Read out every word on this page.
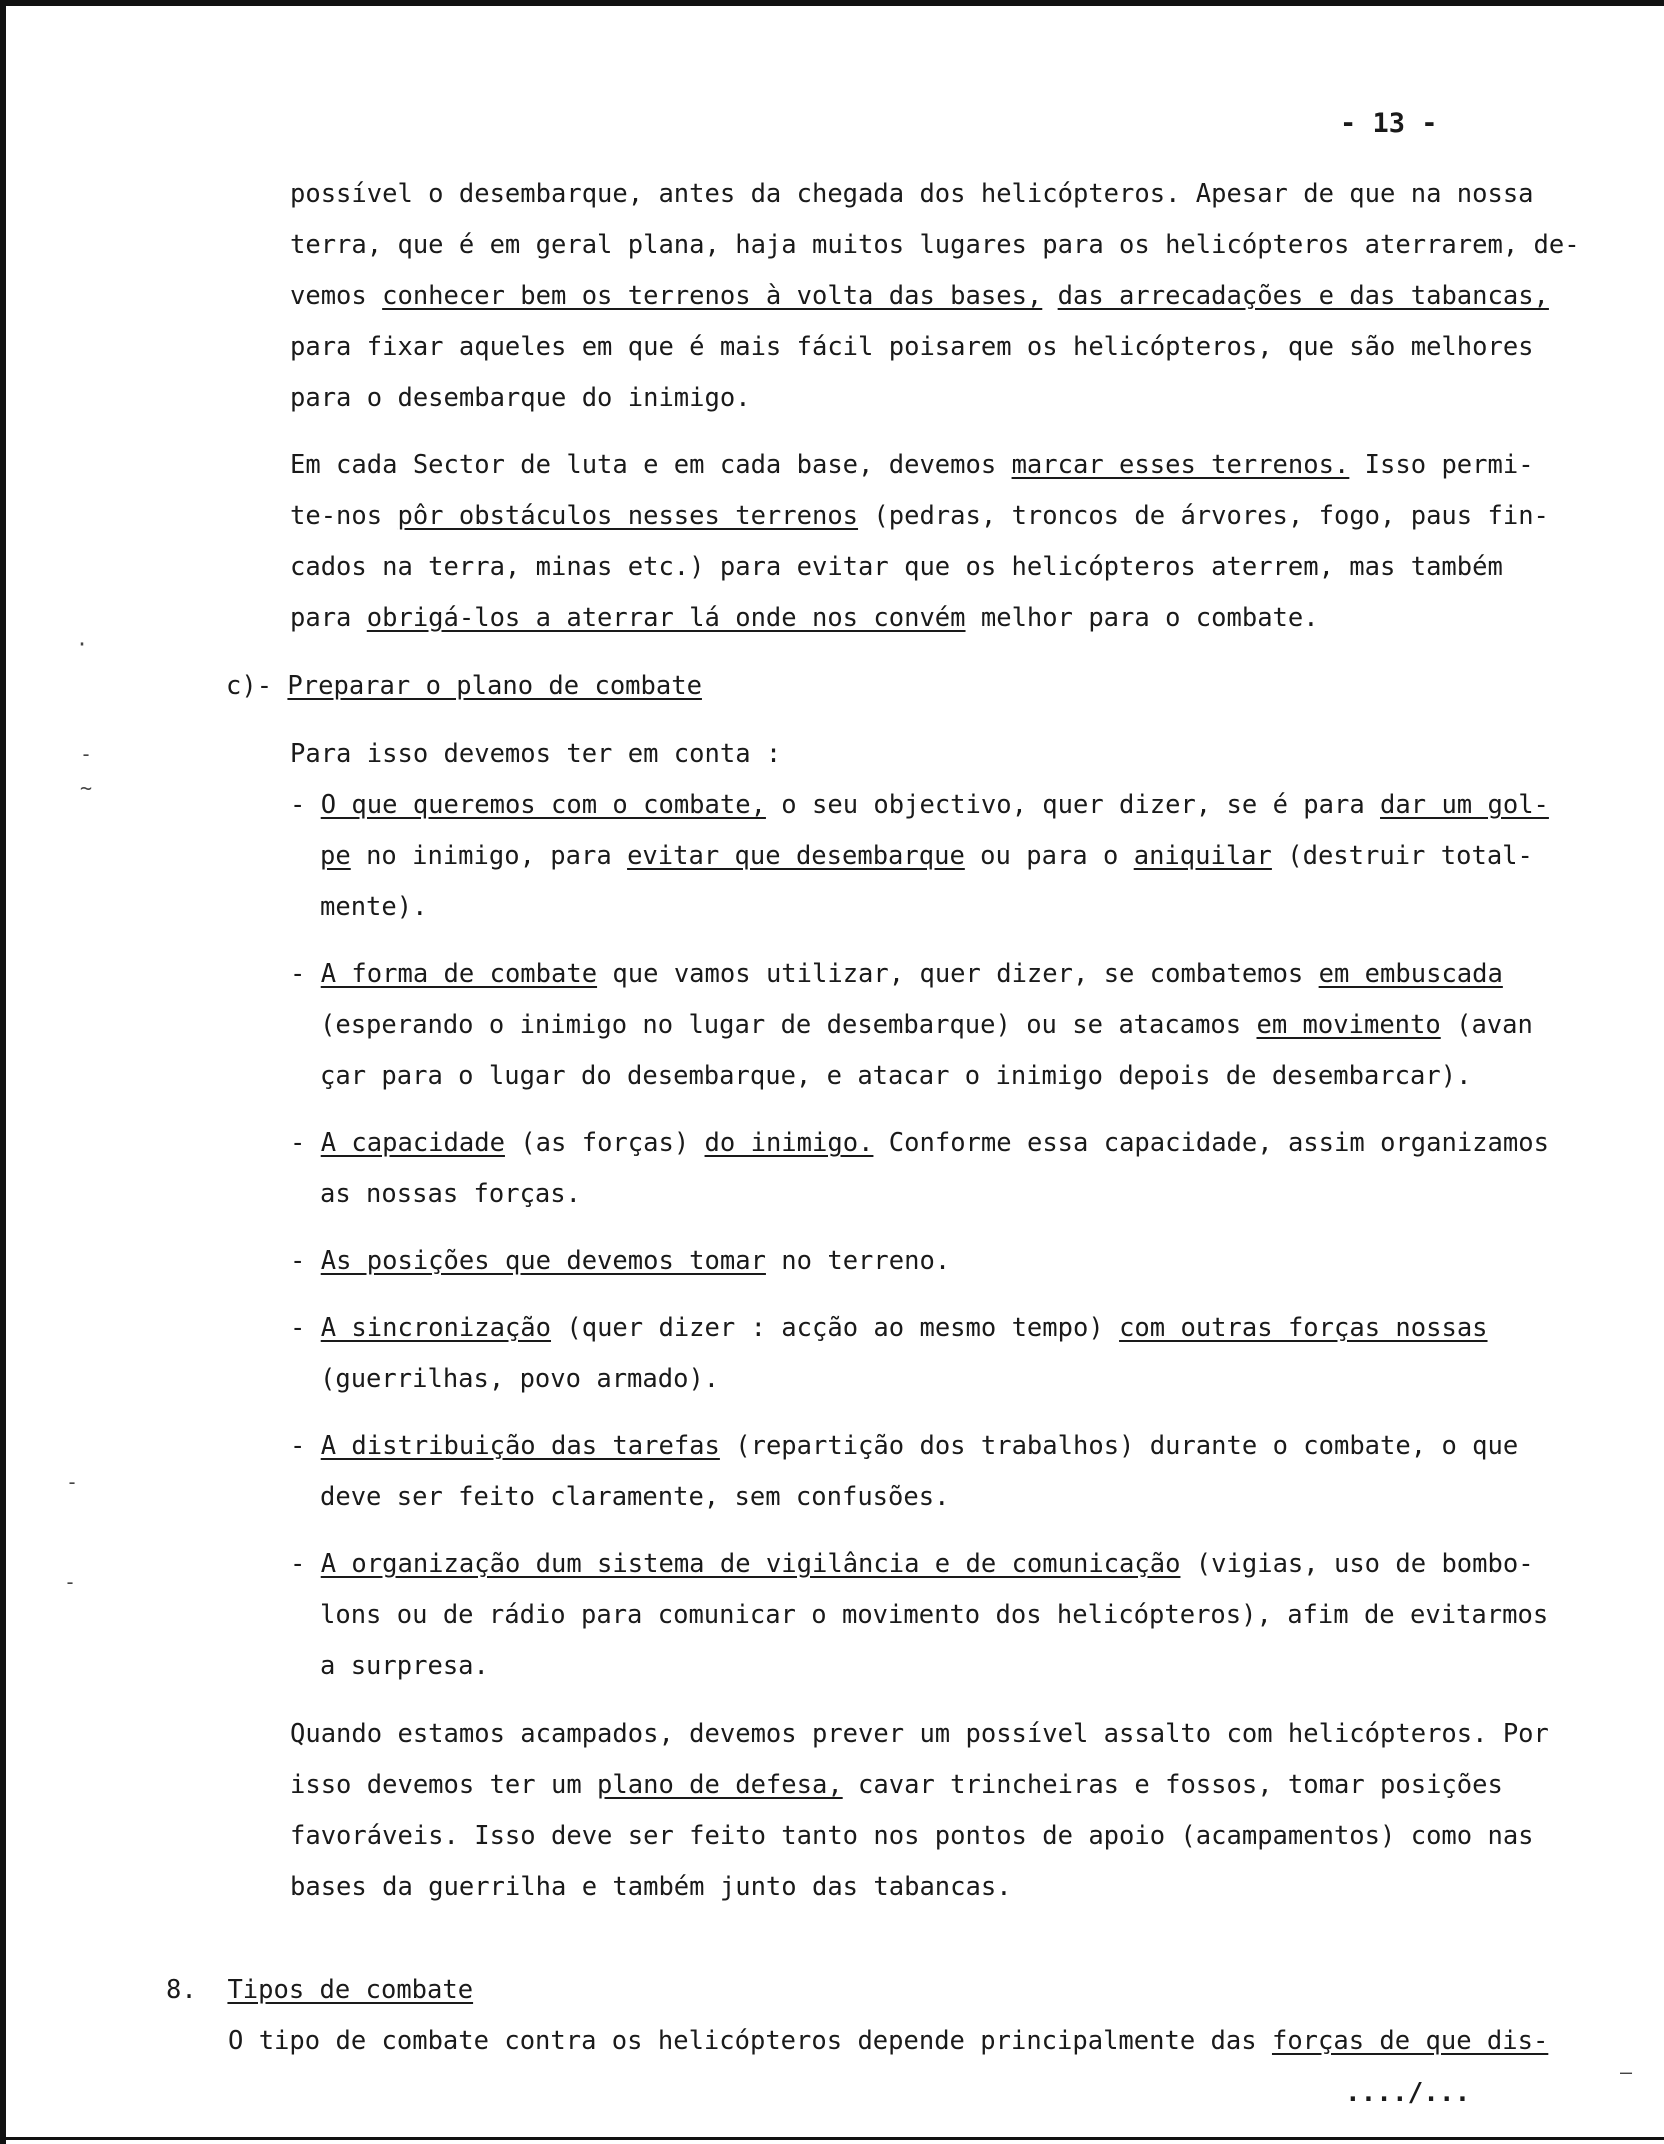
- 13 -
possível o desembarque, antes da chegada dos helicópteros. Apesar de que na nossa
terra, que é em geral plana, haja muitos lugares para os helicópteros aterrarem, de-
vemos conhecer bem os terrenos à volta das bases, das arrecadações e das tabancas,
para fixar aqueles em que é mais fácil poisarem os helicópteros, que são melhores
para o desembarque do inimigo.
Em cada Sector de luta e em cada base, devemos marcar esses terrenos. Isso permi-
te-nos pôr obstáculos nesses terrenos (pedras, troncos de árvores, fogo, paus fin-
cados na terra, minas etc.) para evitar que os helicópteros aterrem, mas também
para obrigá-los a aterrar lá onde nos convém melhor para o combate.
c)- Preparar o plano de combate
Para isso devemos ter em conta :
- O que queremos com o combate, o seu objectivo, quer dizer, se é para dar um gol-
pe no inimigo, para evitar que desembarque ou para o aniquilar (destruir total-
mente).
- A forma de combate que vamos utilizar, quer dizer, se combatemos em embuscada
(esperando o inimigo no lugar de desembarque) ou se atacamos em movimento (avan
çar para o lugar do desembarque, e atacar o inimigo depois de desembarcar).
- A capacidade (as forças) do inimigo. Conforme essa capacidade, assim organizamos
as nossas forças.
- As posições que devemos tomar no terreno.
- A sincronização (quer dizer : acção ao mesmo tempo) com outras forças nossas
(guerrilhas, povo armado).
- A distribuição das tarefas (repartição dos trabalhos) durante o combate, o que
deve ser feito claramente, sem confusões.
- A organização dum sistema de vigilância e de comunicação (vigias, uso de bombo-
lons ou de rádio para comunicar o movimento dos helicópteros), afim de evitarmos
a surpresa.
Quando estamos acampados, devemos prever um possível assalto com helicópteros. Por
isso devemos ter um plano de defesa, cavar trincheiras e fossos, tomar posições
favoráveis. Isso deve ser feito tanto nos pontos de apoio (acampamentos) como nas
bases da guerrilha e também junto das tabancas.
8. Tipos de combate
O tipo de combate contra os helicópteros depende principalmente das forças de que dis-
..../...
·
-
~
-
-
—
